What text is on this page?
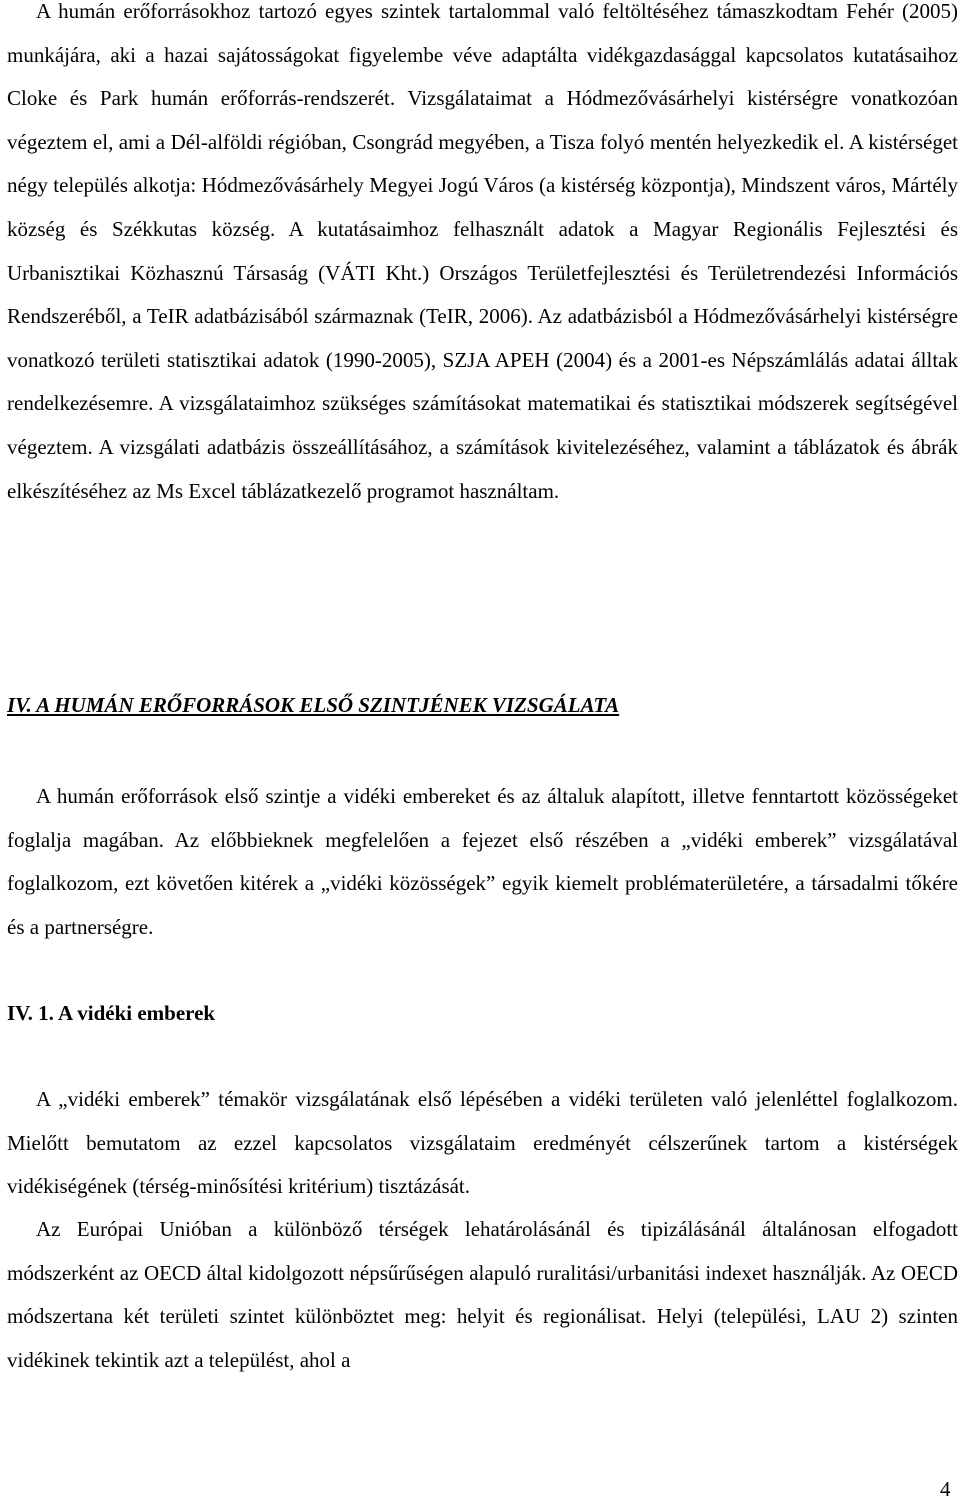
A humán erőforrásokhoz tartozó egyes szintek tartalommal való feltöltéséhez támaszkodtam Fehér (2005) munkájára, aki a hazai sajátosságokat figyelembe véve adaptálta vidékgazdasággal kapcsolatos kutatásaihoz Cloke és Park humán erőforrás-rendszerét. Vizsgálataimat a Hódmezővásárhelyi kistérségre vonatkozóan végeztem el, ami a Dél-alföldi régióban, Csongrád megyében, a Tisza folyó mentén helyezkedik el. A kistérséget négy település alkotja: Hódmezővásárhely Megyei Jogú Város (a kistérség központja), Mindszent város, Mártély község és Székkutas község. A kutatásaimhoz felhasznált adatok a Magyar Regionális Fejlesztési és Urbanisztikai Közhasznú Társaság (VÁTI Kht.) Országos Területfejlesztési és Területrendezési Információs Rendszeréből, a TeIR adatbázisából származnak (TeIR, 2006). Az adatbázisból a Hódmezővásárhelyi kistérségre vonatkozó területi statisztikai adatok (1990-2005), SZJA APEH (2004) és a 2001-es Népszámlálás adatai álltak rendelkezésemre. A vizsgálataimhoz szükséges számításokat matematikai és statisztikai módszerek segítségével végeztem. A vizsgálati adatbázis összeállításához, a számítások kivitelezéséhez, valamint a táblázatok és ábrák elkészítéséhez az Ms Excel táblázatkezelő programot használtam.

IV. A HUMÁN ERŐFORRÁSOK ELSŐ SZINTJÉNEK VIZSGÁLATA

A humán erőforrások első szintje a vidéki embereket és az általuk alapított, illetve fenntartott közösségeket foglalja magában. Az előbbieknek megfelelően a fejezet első részében a „vidéki emberek” vizsgálatával foglalkozom, ezt követően kitérek a „vidéki közösségek” egyik kiemelt problématerületére, a társadalmi tőkére és a partnerségre.

IV. 1. A vidéki emberek

A „vidéki emberek” témakör vizsgálatának első lépésében a vidéki területen való jelenléttel foglalkozom. Mielőtt bemutatom az ezzel kapcsolatos vizsgálataim eredményét célszerűnek tartom a kistérségek vidékiségének (térség-minősítési kritérium) tisztázását.

Az Európai Unióban a különböző térségek lehatárolásánál és tipizálásánál általánosan elfogadott módszerként az OECD által kidolgozott népsűrűségen alapuló ruralitási/urbanitási indexet használják. Az OECD módszertana két területi szintet különböztet meg: helyit és regionálisat. Helyi (települési, LAU 2) szinten vidékinek tekintik azt a települést, ahol a

4
